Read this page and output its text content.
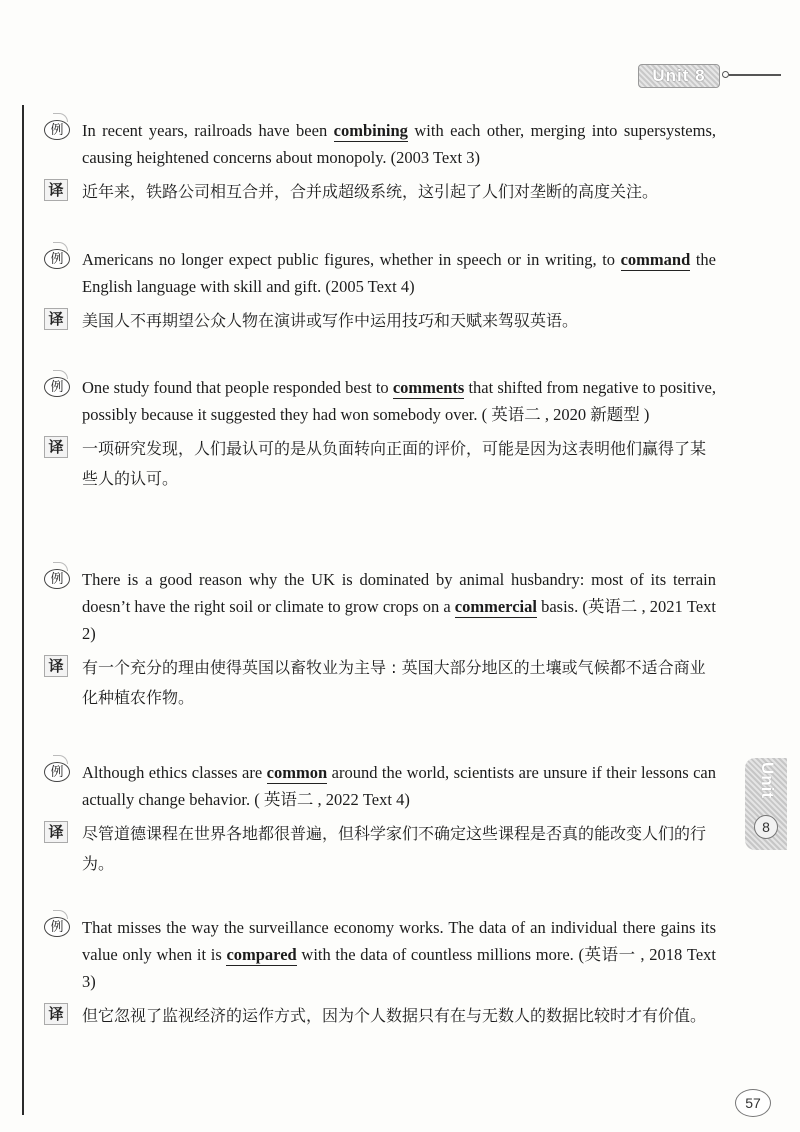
Unit 8
Unit
8
例	In recent years, railroads have been combining with each other, merging into supersystems, causing heightened concerns about monopoly. (2003 Text 3)
译 近年来，铁路公司相互合并，合并成超级系统，这引起了人们对垄断的高度关注。
例	Americans no longer expect public figures, whether in speech or in writing, to command the English language with skill and gift. (2005 Text 4)
译 美国人不再期望公众人物在演讲或写作中运用技巧和天赋来驾驭英语。
例	One study found that people responded best to comments that shifted from negative to positive, possibly because it suggested they had won somebody over. ( 英语二 , 2020 新题型 )
译 一项研究发现，人们最认可的是从负面转向正面的评价，可能是因为这表明他们赢得了某些人的认可。
例	There is a good reason why the UK is dominated by animal husbandry: most of its terrain doesn’t have the right soil or climate to grow crops on a commercial basis. (英语二 , 2021 Text 2)
译 有一个充分的理由使得英国以畜牧业为主导 : 英国大部分地区的土壤或气候都不适合商业化种植农作物。
例	Although ethics classes are common around the world, scientists are unsure if their lessons can actually change behavior. ( 英语二 , 2022 Text 4)
译 尽管道德课程在世界各地都很普遍，但科学家们不确定这些课程是否真的能改变人们的行为。
例	That misses the way the surveillance economy works. The data of an individual there gains its value only when it is compared with the data of countless millions more. (英语一 , 2018 Text 3)
译 但它忽视了监视经济的运作方式，因为个人数据只有在与无数人的数据比较时才有价值。
57
